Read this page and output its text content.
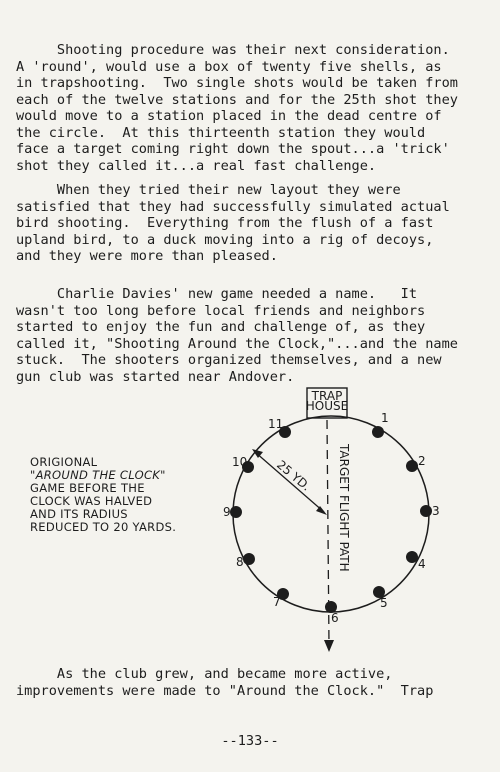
Shooting procedure was their next consideration.
A 'round', would use a box of twenty five shells, as
in trapshooting.  Two single shots would be taken from
each of the twelve stations and for the 25th shot they
would move to a station placed in the dead centre of
the circle.  At this thirteenth station they would
face a target coming right down the spout...a 'trick'
shot they called it...a real fast challenge.
When they tried their new layout they were
satisfied that they had successfully simulated actual
bird shooting.  Everything from the flush of a fast
upland bird, to a duck moving into a rig of decoys,
and they were more than pleased.
Charlie Davies' new game needed a name.   It
wasn't too long before local friends and neighbors
started to enjoy the fun and challenge of, as they
called it, "Shooting Around the Clock,"...and the name
stuck.  The shooters organized themselves, and a new
gun club was started near Andover.
ORIGIONAL
"AROUND THE CLOCK"
GAME BEFORE THE
CLOCK WAS HALVED
AND ITS RADIUS
REDUCED TO 20 YARDS.
TRAP
HOUSE
TARGET FLIGHT PATH
25 YD.
1
2
3
4
5
6
7
8
9
10
11
As the club grew, and became more active,
improvements were made to "Around the Clock."  Trap
--133--
